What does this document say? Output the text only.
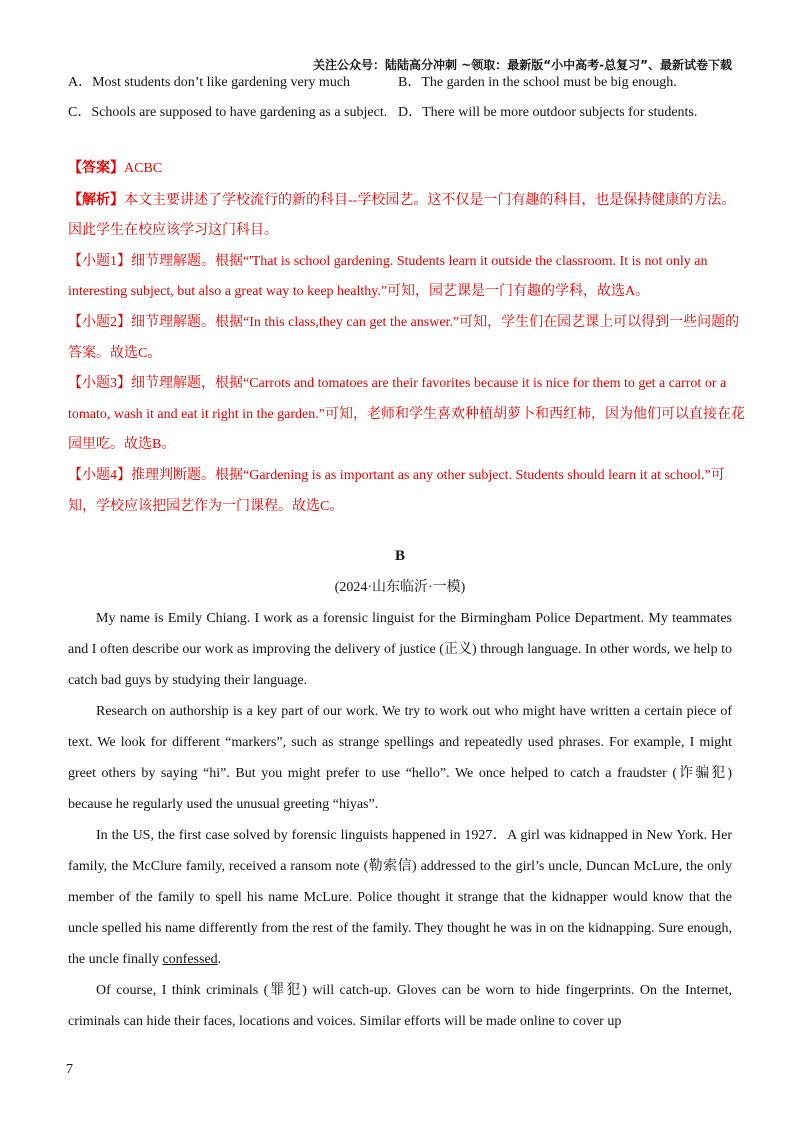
关注公众号：陆陆高分冲刺 ~领取：最新版“小中高考-总复习”、最新试卷下载
A．Most students don’t like gardening very much	B．The garden in the school must be big enough.
C．Schools are supposed to have gardening as a subject. D．There will be more outdoor subjects for students.

【答案】ACBC

【解析】本文主要讲述了学校流行的新的科目--学校园艺。这不仅是一门有趣的科目，也是保持健康的方法。因此学生在校应该学习这门科目。

【小题1】细节理解题。根据“'That is school gardening. Students learn it outside the classroom. It is not only an interesting subject, but also a great way to keep healthy.”可知，园艺课是一门有趣的学科，故选A。

【小题2】细节理解题。根据“In this class,they can get the answer.”可知，学生们在园艺课上可以得到一些问题的答案。故选C。

【小题3】细节理解题，根据“Carrots and tomatoes are their favorites because it is nice for them to get a carrot or a tomato, wash it and eat it right in the garden.”可知，老师和学生喜欢种植胡萝卜和西红柿，因为他们可以直接在花园里吃。故选B。

【小题4】推理判断题。根据“Gardening is as important as any other subject. Students should learn it at school.”可知，学校应该把园艺作为一门课程。故选C。

B
(2024·山东临沂·一模)

My name is Emily Chiang. I work as a forensic linguist for the Birmingham Police Department. My teammates and I often describe our work as improving the delivery of justice (正义) through language. In other words, we help to catch bad guys by studying their language.

Research on authorship is a key part of our work. We try to work out who might have written a certain piece of text. We look for different “markers”, such as strange spellings and repeatedly used phrases. For example, I might greet others by saying “hi”. But you might prefer to use “hello”. We once helped to catch a fraudster (诈骗犯) because he regularly used the unusual greeting “hiyas”.

In the US, the first case solved by forensic linguists happened in 1927．A girl was kidnapped in New York. Her family, the McClure family, received a ransom note (勒索信) addressed to the girl’s uncle, Duncan McLure, the only member of the family to spell his name McLure. Police thought it strange that the kidnapper would know that the uncle spelled his name differently from the rest of the family. They thought he was in on the kidnapping. Sure enough, the uncle finally confessed.

Of course, I think criminals (罪犯) will catch-up. Gloves can be worn to hide fingerprints. On the Internet, criminals can hide their faces, locations and voices. Similar efforts will be made online to cover up

7
